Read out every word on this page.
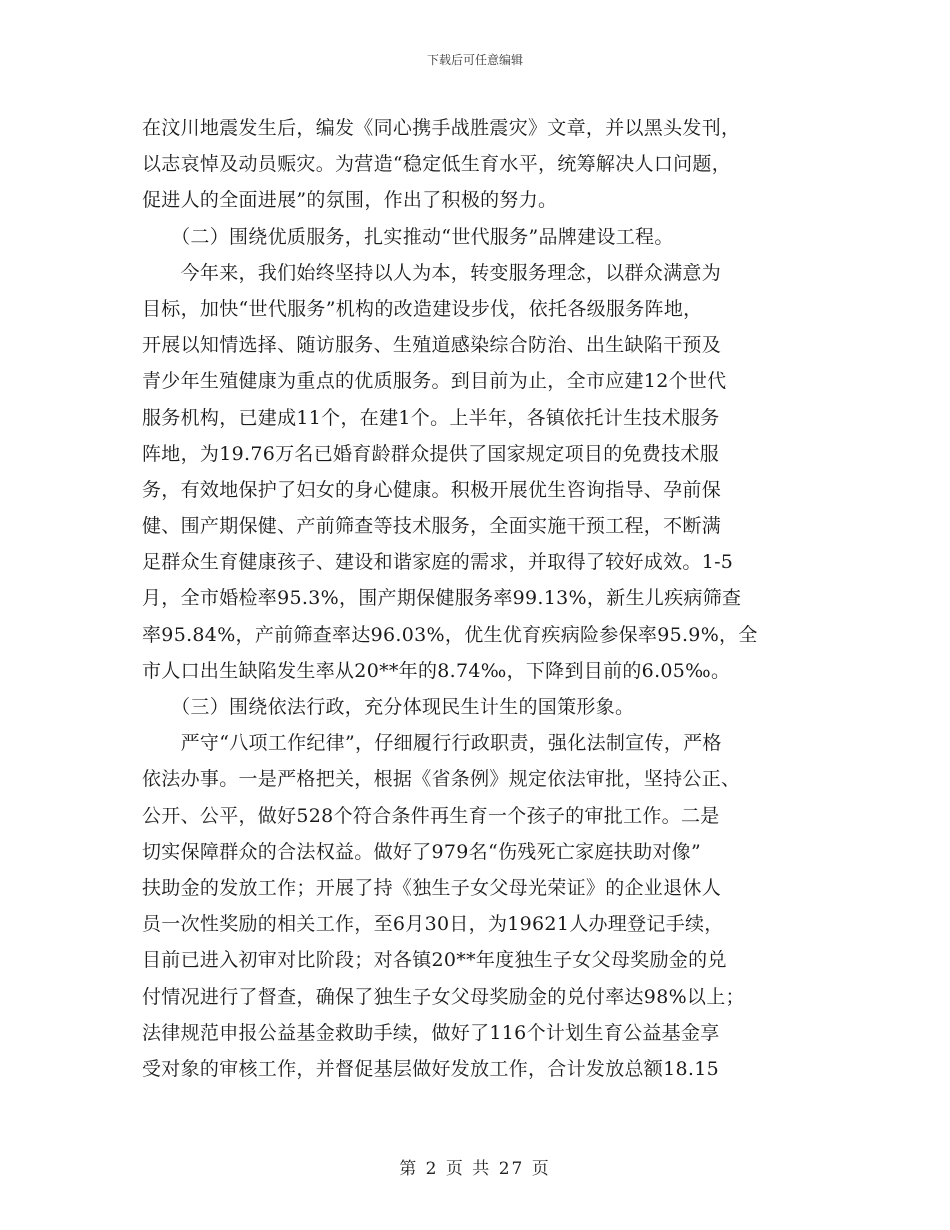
下载后可任意编辑
在汶川地震发生后，编发《同心携手战胜震灾》文章，并以黑头发刊，
以志哀悼及动员赈灾。为营造“稳定低生育水平，统筹解决人口问题，
促进人的全面进展”的氛围，作出了积极的努力。
　　（二）围绕优质服务，扎实推动“世代服务”品牌建设工程。
　　今年来，我们始终坚持以人为本，转变服务理念，以群众满意为
目标，加快“世代服务”机构的改造建设步伐，依托各级服务阵地，
开展以知情选择、随访服务、生殖道感染综合防治、出生缺陷干预及
青少年生殖健康为重点的优质服务。到目前为止，全市应建12个世代
服务机构，已建成11个，在建1个。上半年，各镇依托计生技术服务
阵地，为19.76万名已婚育龄群众提供了国家规定项目的免费技术服
务，有效地保护了妇女的身心健康。积极开展优生咨询指导、孕前保
健、围产期保健、产前筛查等技术服务，全面实施干预工程，不断满
足群众生育健康孩子、建设和谐家庭的需求，并取得了较好成效。1-5
月，全市婚检率95.3%，围产期保健服务率99.13%，新生儿疾病筛查
率95.84%，产前筛查率达96.03%，优生优育疾病险参保率95.9%，全
市人口出生缺陷发生率从20**年的8.74‰，下降到目前的6.05‰。
　　（三）围绕依法行政，充分体现民生计生的国策形象。
　　严守“八项工作纪律”，仔细履行行政职责，强化法制宣传，严格
依法办事。一是严格把关，根据《省条例》规定依法审批，坚持公正、
公开、公平，做好528个符合条件再生育一个孩子的审批工作。二是
切实保障群众的合法权益。做好了979名“伤残死亡家庭扶助对像”
扶助金的发放工作；开展了持《独生子女父母光荣证》的企业退休人
员一次性奖励的相关工作，至6月30日，为19621人办理登记手续，
目前已进入初审对比阶段；对各镇20**年度独生子女父母奖励金的兑
付情况进行了督查，确保了独生子女父母奖励金的兑付率达98%以上；
法律规范申报公益基金救助手续，做好了116个计划生育公益基金享
受对象的审核工作，并督促基层做好发放工作，合计发放总额18.15
第 2 页 共 27 页
